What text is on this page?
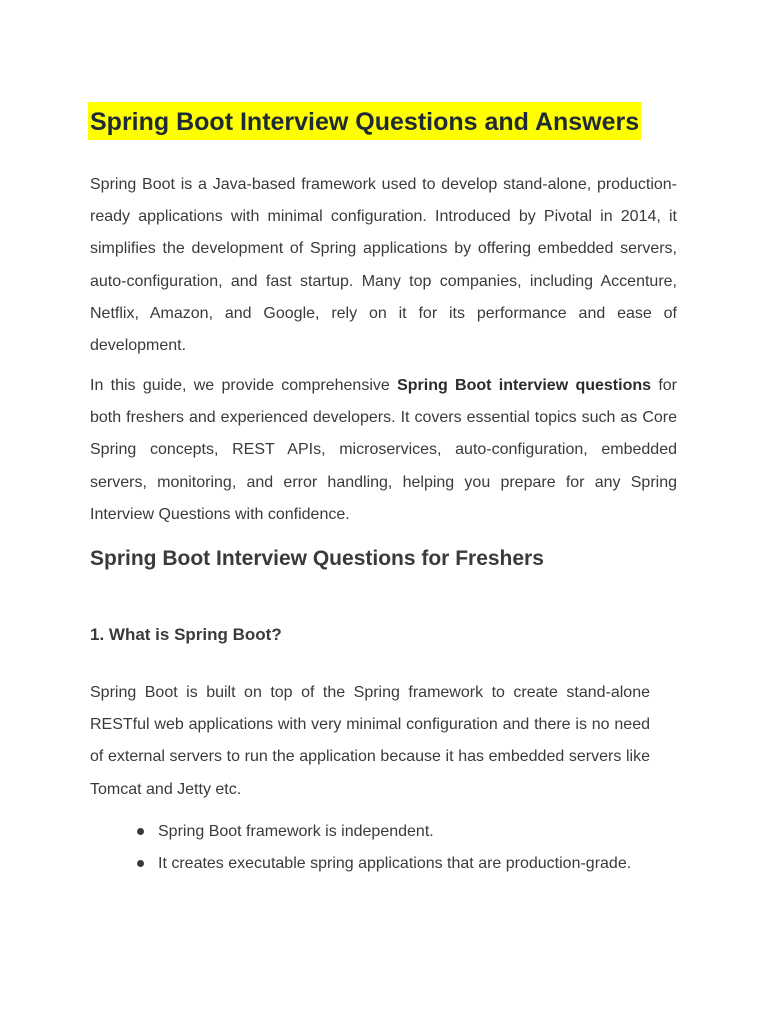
Spring Boot Interview Questions and Answers

Spring Boot is a Java-based framework used to develop stand-alone, production-ready applications with minimal configuration. Introduced by Pivotal in 2014, it simplifies the development of Spring applications by offering embedded servers, auto-configuration, and fast startup. Many top companies, including Accenture, Netflix, Amazon, and Google, rely on it for its performance and ease of development.

In this guide, we provide comprehensive Spring Boot interview questions for both freshers and experienced developers. It covers essential topics such as Core Spring concepts, REST APIs, microservices, auto-configuration, embedded servers, monitoring, and error handling, helping you prepare for any Spring Interview Questions with confidence.

Spring Boot Interview Questions for Freshers
1. What is Spring Boot?

Spring Boot is built on top of the Spring framework to create stand-alone RESTful web applications with very minimal configuration and there is no need of external servers to run the application because it has embedded servers like Tomcat and Jetty etc.

Spring Boot framework is independent.
It creates executable spring applications that are production-grade.
